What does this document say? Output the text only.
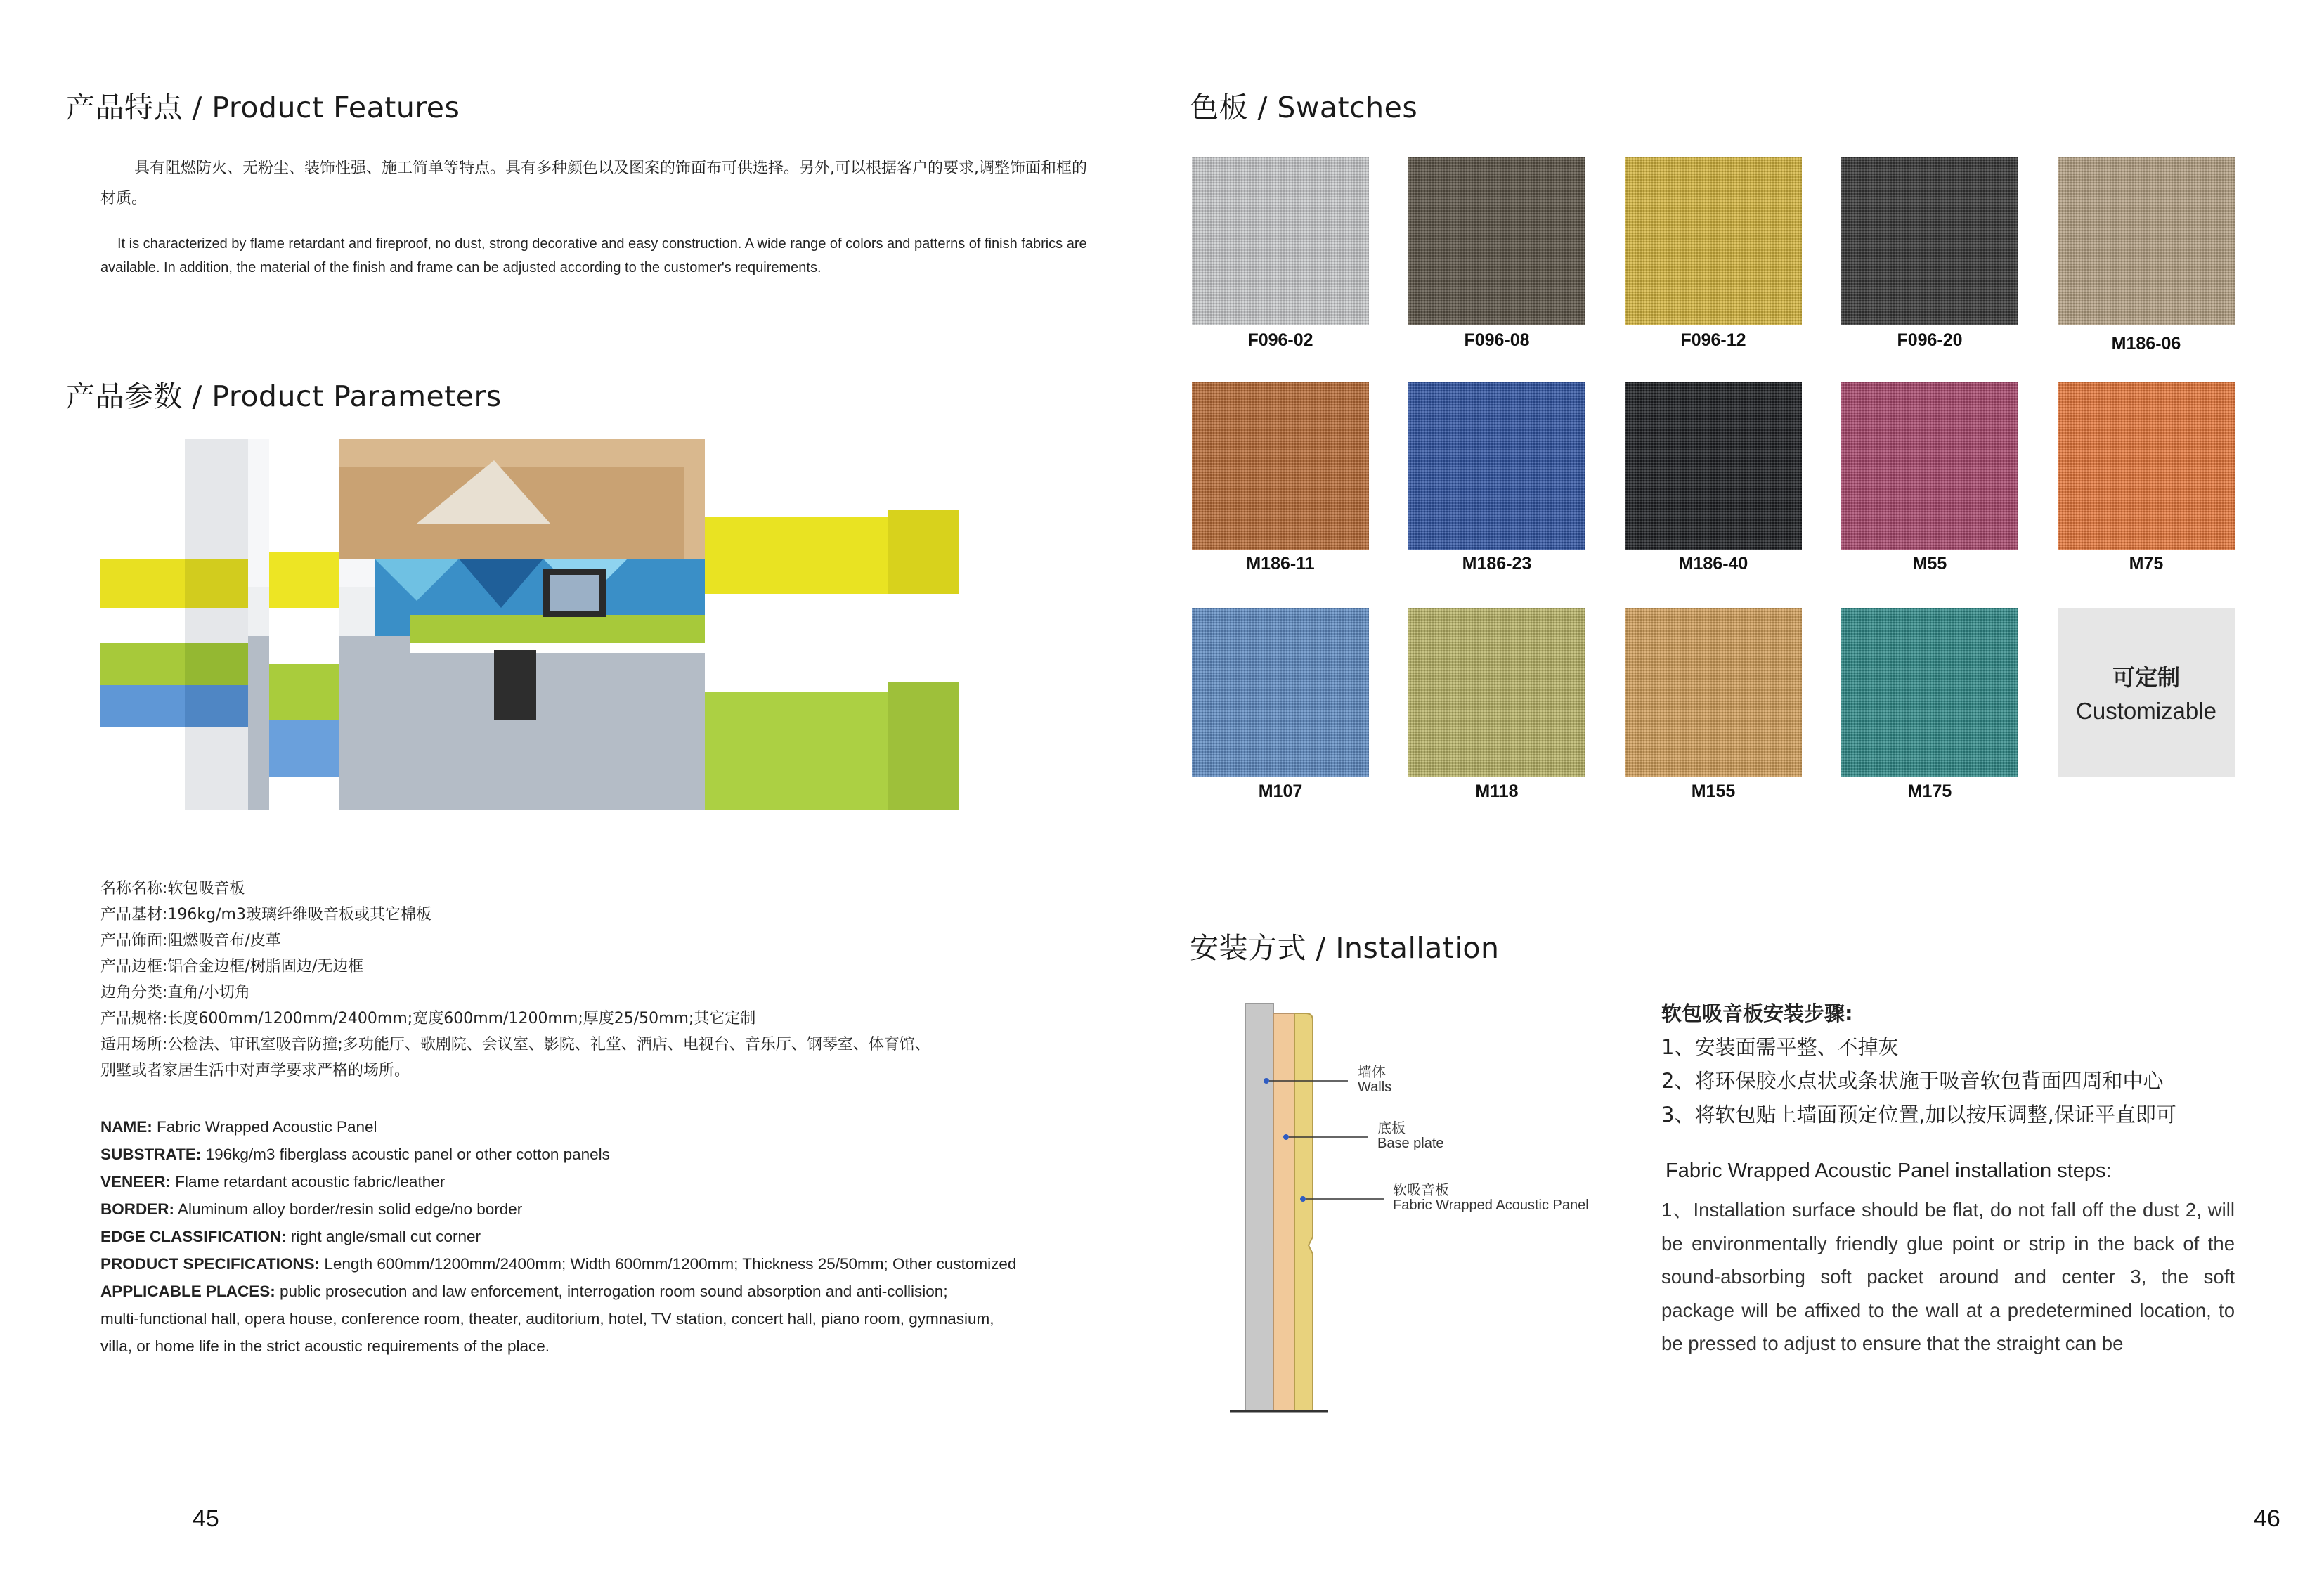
产品特点 / Product Features
具有阻燃防火、无粉尘、装饰性强、施工简单等特点。具有多种颜色以及图案的饰面布可供选择。另外,可以根据客户的要求,调整饰面和框的材质。
It is characterized by flame retardant and fireproof, no dust, strong decorative and easy construction. A wide range of colors and patterns of finish fabrics are available. In addition, the material of the finish and frame can be adjusted according to the customer's requirements.
产品参数 / Product Parameters
名称名称:软包吸音板
产品基材:196kg/m3玻璃纤维吸音板或其它棉板
产品饰面:阻燃吸音布/皮革
产品边框:铝合金边框/树脂固边/无边框
边角分类:直角/小切角
产品规格:长度600mm/1200mm/2400mm;宽度600mm/1200mm;厚度25/50mm;其它定制
适用场所:公检法、审讯室吸音防撞;多功能厅、歌剧院、会议室、影院、礼堂、酒店、电视台、音乐厅、钢琴室、体育馆、
别墅或者家居生活中对声学要求严格的场所。
NAME: Fabric Wrapped Acoustic Panel
SUBSTRATE: 196kg/m3 fiberglass acoustic panel or other cotton panels
VENEER: Flame retardant acoustic fabric/leather
BORDER: Aluminum alloy border/resin solid edge/no border
EDGE CLASSIFICATION: right angle/small cut corner
PRODUCT SPECIFICATIONS: Length 600mm/1200mm/2400mm; Width 600mm/1200mm; Thickness 25/50mm; Other customized
APPLICABLE PLACES: public prosecution and law enforcement, interrogation room sound absorption and anti-collision;
multi-functional hall, opera house, conference room, theater, auditorium, hotel, TV station, concert hall, piano room, gymnasium,
villa, or home life in the strict acoustic requirements of the place.
45
色板 / Swatches
F096-02	F096-08	F096-12	F096-20	M186-06
M186-11	M186-23	M186-40	M55	M75
M107	M118	M155	M175
可定制
Customizable
安装方式 / Installation
墙体
Walls
底板
Base plate
软吸音板
Fabric Wrapped Acoustic Panel
软包吸音板安装步骤:
1、安装面需平整、不掉灰
2、将环保胶水点状或条状施于吸音软包背面四周和中心
3、将软包贴上墙面预定位置,加以按压调整,保证平直即可
Fabric Wrapped Acoustic Panel installation steps:
1、Installation surface should be flat, do not fall off the dust 2, will be environmentally friendly glue point or strip in the back of the sound-absorbing soft packet around and center 3, the soft package will be affixed to the wall at a predetermined location, to be pressed to adjust to ensure that the straight can be
46
